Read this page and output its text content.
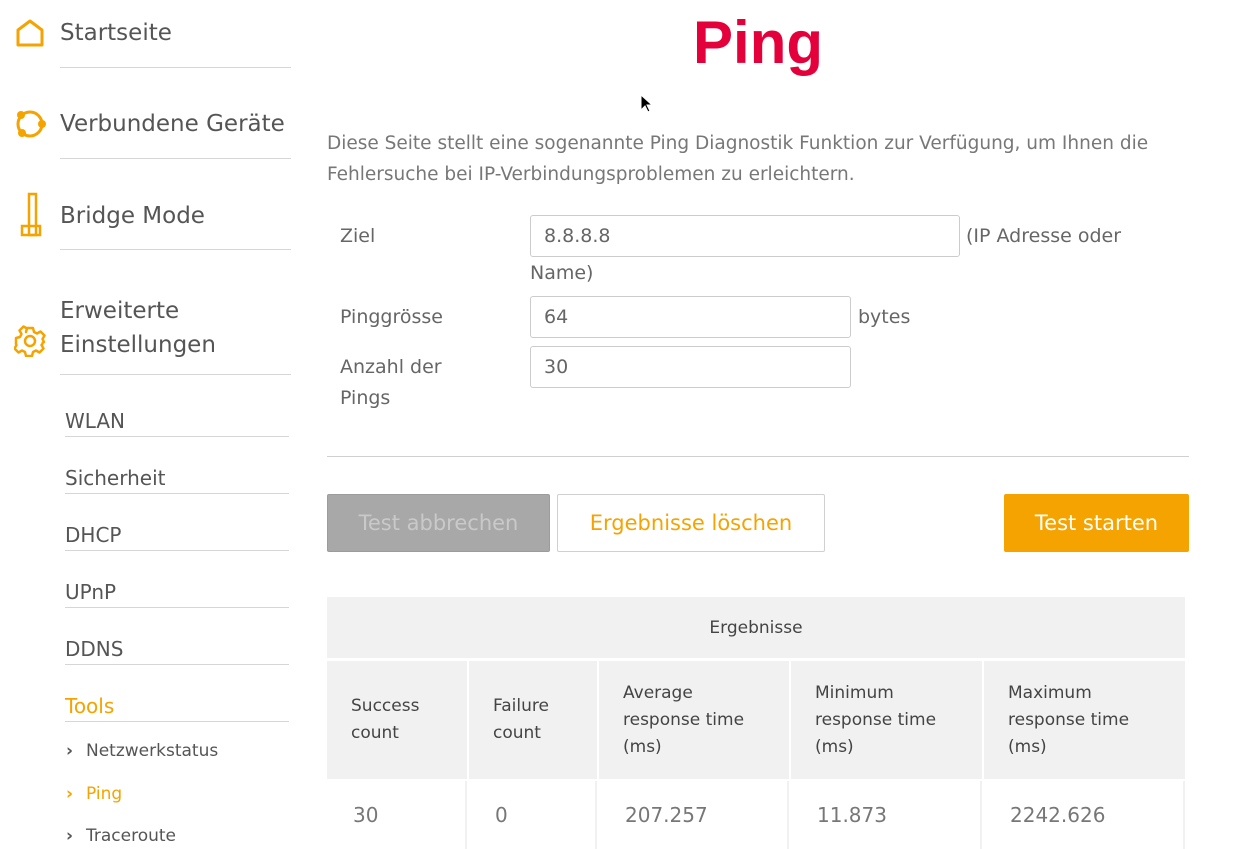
Startseite
Verbundene Geräte
Bridge Mode
Erweiterte Einstellungen
WLAN
Sicherheit
DHCP
UPnP
DDNS
Tools
› Netzwerkstatus
› Ping
› Traceroute
Ping

Diese Seite stellt eine sogenannte Ping Diagnostik Funktion zur Verfügung, um Ihnen die Fehlersuche bei IP-Verbindungsproblemen zu erleichtern.

Ziel
8.8.8.8	(IP Adresse oder
Name)
Pinggrösse
64	bytes
Anzahl der Pings
30
Test abbrechen	Ergebnisse löschen	Test starten
Ergebnisse				
Success count	Failure count	Average response time (ms)	Minimum response time (ms)	Maximum response time (ms)
30	0	207.257	11.873	2242.626
